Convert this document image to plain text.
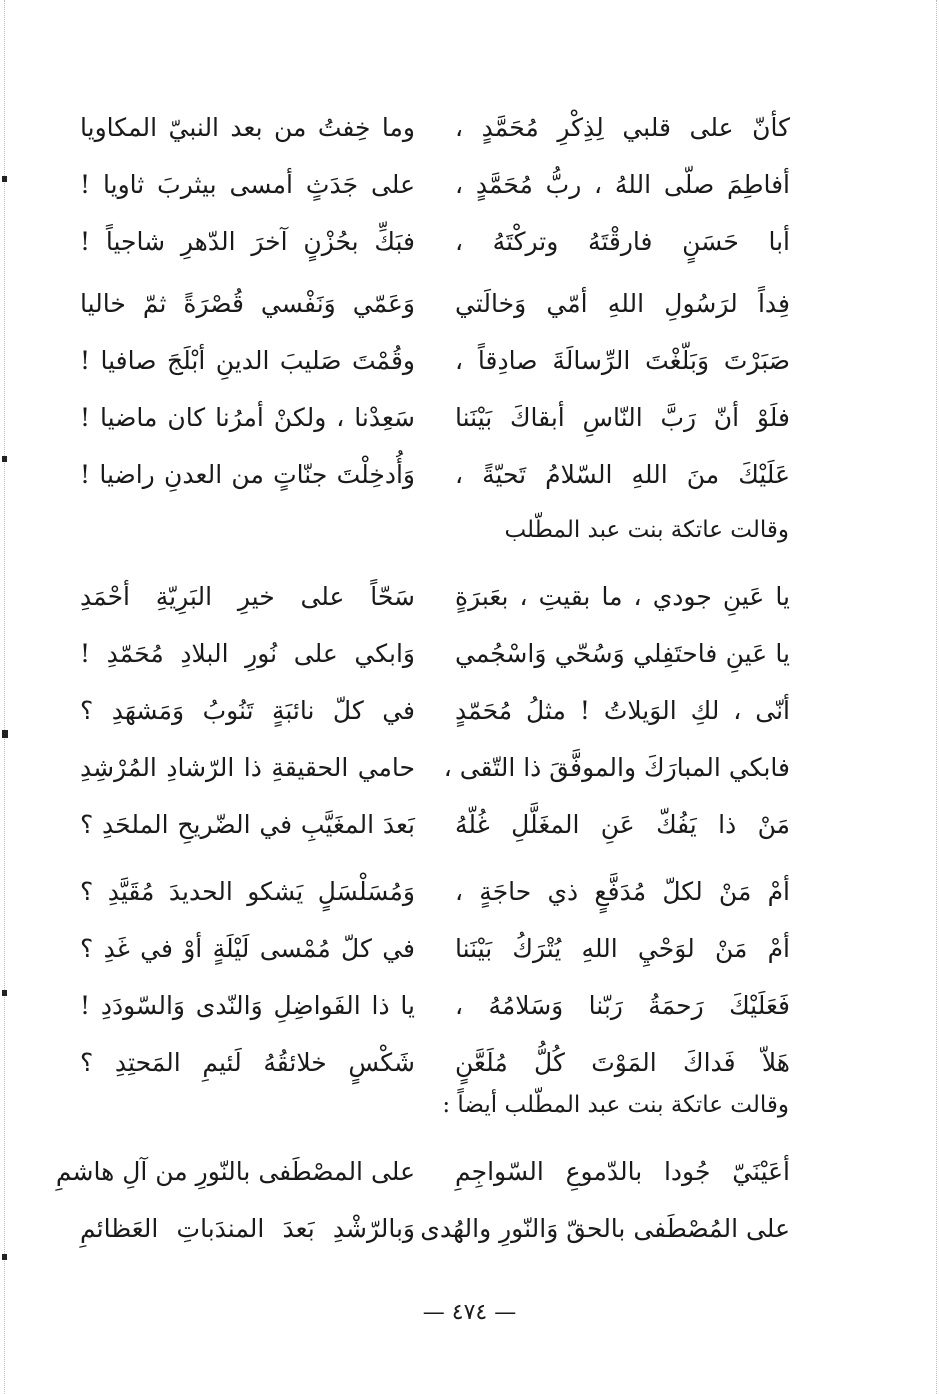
كأنّ على قلبي لِذِكْرِ مُحَمَّدٍ ،
وما خِفتُ من بعد النبيّ المكاويا
أفاطِمَ صلّى اللهُ ، ربُّ مُحَمَّدٍ ،
على جَدَثٍ أمسى بيثربَ ثاويا !
أبا حَسَنٍ فارقْتَهُ وتركْتَهُ ،
فبَكِّ بحُزْنٍ آخرَ الدّهرِ شاجياً !
فِداً لرَسُولِ اللهِ أمّي وَخالَتي
وَعَمّي وَنَفْسي قُصْرَةً ثمّ خاليا
صَبَرْتَ وَبَلّغْتَ الرِّسالَةَ صادِقاً ،
وقُمْتَ صَليبَ الدينِ أبْلَجَ صافيا !
فلَوْ أنّ رَبَّ النّاسِ أبقاكَ بَيْنَنا
سَعِدْنا ، ولكنْ أمرُنا كان ماضيا !
عَلَيْكَ منَ اللهِ السّلامُ تَحيّةً ،
وَأُدخِلْتَ جنّاتٍ من العدنِ راضيا !
وقالت عاتكة بنت عبد المطّلب
يا عَينِ جودي ، ما بقيتِ ، بعَبرَةٍ
سَحّاً على خيرِ البَرِيّةِ أحْمَدِ
يا عَينِ فاحتَفِلي وَسُحّي وَاسْجُمي
وَابكي على نُورِ البلادِ مُحَمّدِ !
أنّى ، لكِ الوَيلاتُ ! مثلُ مُحَمّدٍ
في كلّ نائبَةٍ تَنُوبُ وَمَشهَدِ ؟
فابكي المبارَكَ والموفَّقَ ذا التّقى ،
حامي الحقيقةِ ذا الرّشادِ المُرْشِدِ
مَنْ ذا يَفُكّ عَنِ المغَلَّلِ غُلّهُ
بَعدَ المغَيَّبِ في الضّريحِ الملحَدِ ؟
أمْ مَنْ لكلّ مُدَفَّعٍ ذي حاجَةٍ ،
وَمُسَلْسَلٍ يَشكو الحديدَ مُقَيَّدِ ؟
أمْ مَنْ لوَحْيِ اللهِ يُتْرَكُ بَيْنَنا
في كلّ مُمْسى لَيْلَةٍ أوْ في غَدِ ؟
فَعَلَيْكَ رَحمَةُ رَبّنا وَسَلامُهُ ،
يا ذا الفَواضِلِ وَالنّدى وَالسّودَدِ !
هَلاّ فَداكَ المَوْتَ كُلُّ مُلَعَّنٍ
شَكْسٍ خلائقُهُ لَئيمِ المَحتِدِ ؟
وقالت عاتكة بنت عبد المطّلب أيضاً :
أعَيْنَيّ جُودا بالدّموعِ السّواجِمِ
على المصْطَفى بالنّورِ من آلِ هاشمِ
على المُصْطَفى بالحقّ وَالنّورِ والهُدى
وَبالرّشْدِ بَعدَ المندَباتِ العَظائمِ
— ٤٧٤ —
